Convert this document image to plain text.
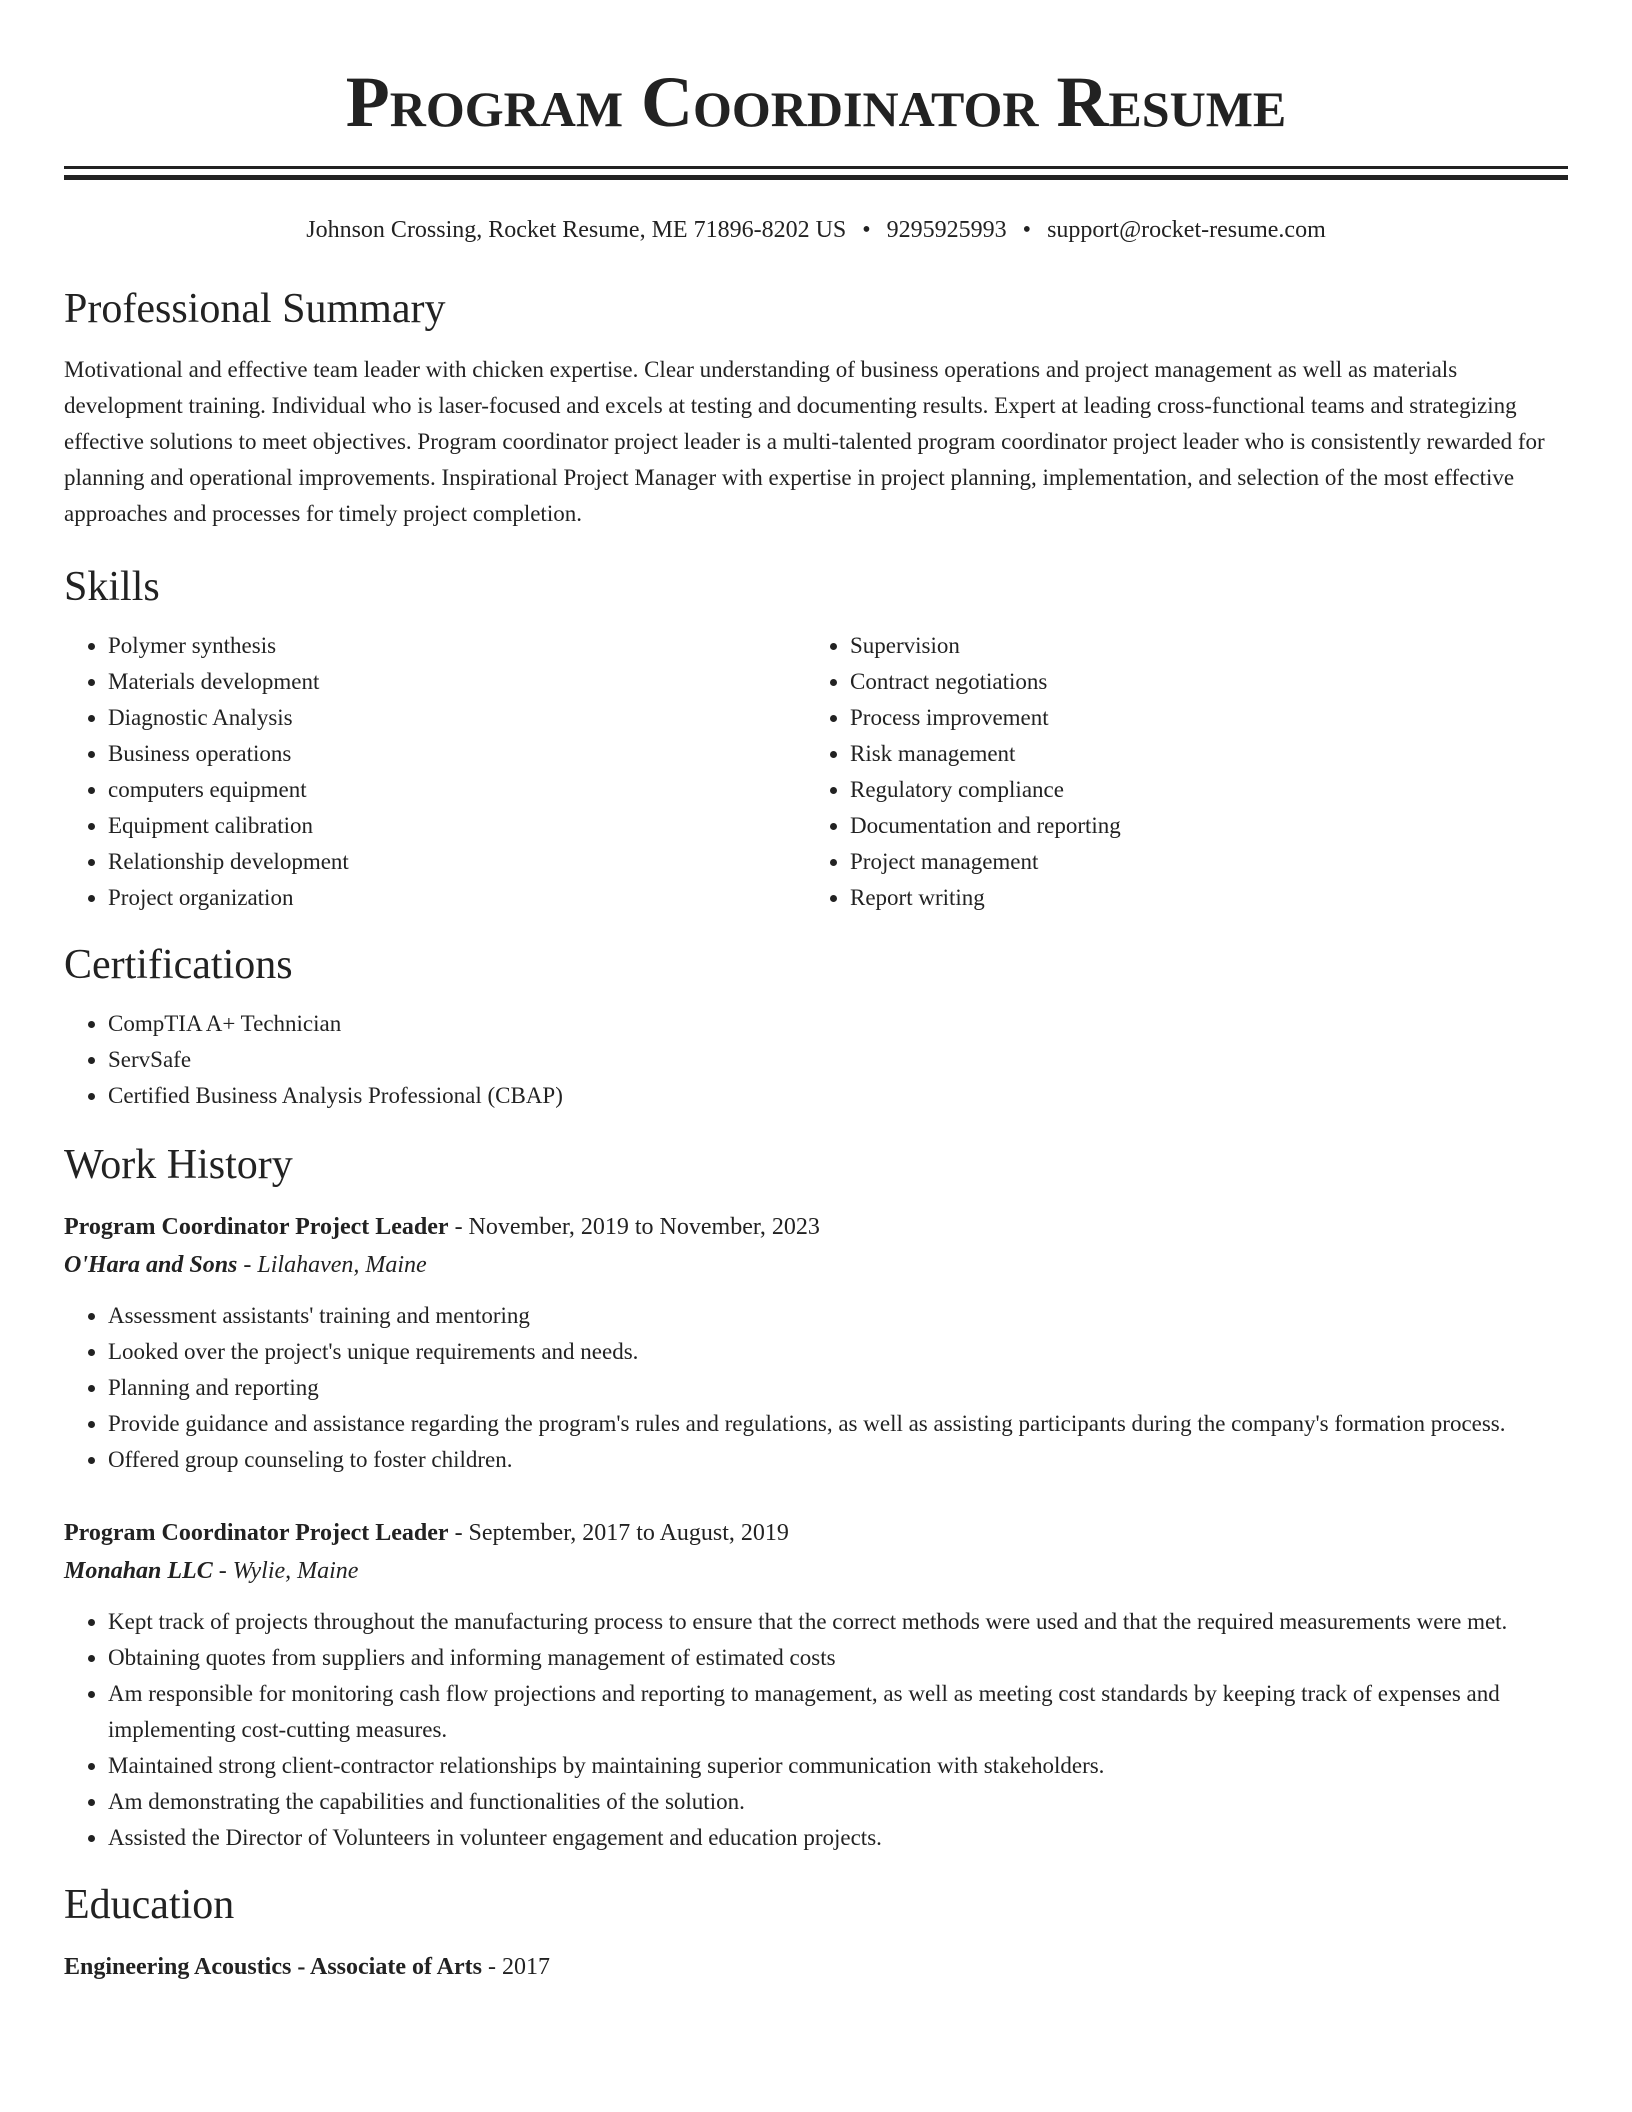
Program Coordinator Resume
Johnson Crossing, Rocket Resume, ME 71896-8202 US • 9295925993 • support@rocket-resume.com
Professional Summary

Motivational and effective team leader with chicken expertise. Clear understanding of business operations and project management as well as materials development training. Individual who is laser-focused and excels at testing and documenting results. Expert at leading cross-functional teams and strategizing effective solutions to meet objectives. Program coordinator project leader is a multi-talented program coordinator project leader who is consistently rewarded for planning and operational improvements. Inspirational Project Manager with expertise in project planning, implementation, and selection of the most effective approaches and processes for timely project completion.

Skills
• Polymer synthesis
• Materials development
• Diagnostic Analysis
• Business operations
• computers equipment
• Equipment calibration
• Relationship development
• Project organization
• Supervision
• Contract negotiations
• Process improvement
• Risk management
• Regulatory compliance
• Documentation and reporting
• Project management
• Report writing
Certifications
• CompTIA A+ Technician
• ServSafe
• Certified Business Analysis Professional (CBAP)
Work History
Program Coordinator Project Leader - November, 2019 to November, 2023
O'Hara and Sons - Lilahaven, Maine
• Assessment assistants' training and mentoring
• Looked over the project's unique requirements and needs.
• Planning and reporting
• Provide guidance and assistance regarding the program's rules and regulations, as well as assisting participants during the company's formation process.
• Offered group counseling to foster children.
Program Coordinator Project Leader - September, 2017 to August, 2019
Monahan LLC - Wylie, Maine
• Kept track of projects throughout the manufacturing process to ensure that the correct methods were used and that the required measurements were met.
• Obtaining quotes from suppliers and informing management of estimated costs
• Am responsible for monitoring cash flow projections and reporting to management, as well as meeting cost standards by keeping track of expenses and implementing cost-cutting measures.
• Maintained strong client-contractor relationships by maintaining superior communication with stakeholders.
• Am demonstrating the capabilities and functionalities of the solution.
• Assisted the Director of Volunteers in volunteer engagement and education projects.
Education
Engineering Acoustics - Associate of Arts - 2017
